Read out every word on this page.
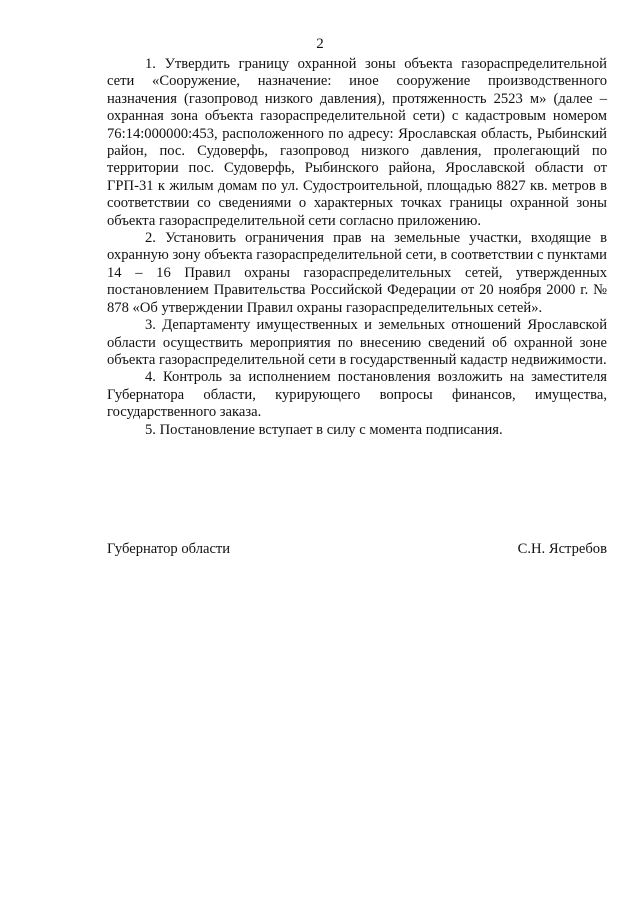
2

1. Утвердить границу охранной зоны объекта газораспределительной сети «Сооружение, назначение: иное сооружение производственного назначения (газопровод низкого давления), протяженность 2523 м» (далее – охранная зона объекта газораспределительной сети) с кадастровым номером 76:14:000000:453, расположенного по адресу: Ярославская область, Рыбинский район, пос. Судоверфь, газопровод низкого давления, пролегающий по территории пос. Судоверфь, Рыбинского района, Ярославской области от ГРП-31 к жилым домам по ул. Судостроительной, площадью 8827 кв. метров в соответствии со сведениями о характерных точках границы охранной зоны объекта газораспределительной сети согласно приложению.

2. Установить ограничения прав на земельные участки, входящие в охранную зону объекта газораспределительной сети, в соответствии с пунктами 14 – 16 Правил охраны газораспределительных сетей, утвержденных постановлением Правительства Российской Федерации от 20 ноября 2000 г. № 878 «Об утверждении Правил охраны газораспределительных сетей».

3. Департаменту имущественных и земельных отношений Ярославской области осуществить мероприятия по внесению сведений об охранной зоне объекта газораспределительной сети в государственный кадастр недвижимости.

4. Контроль за исполнением постановления возложить на заместителя Губернатора области, курирующего вопросы финансов, имущества, государственного заказа.

5. Постановление вступает в силу с момента подписания.

Губернатор области	С.Н. Ястребов
